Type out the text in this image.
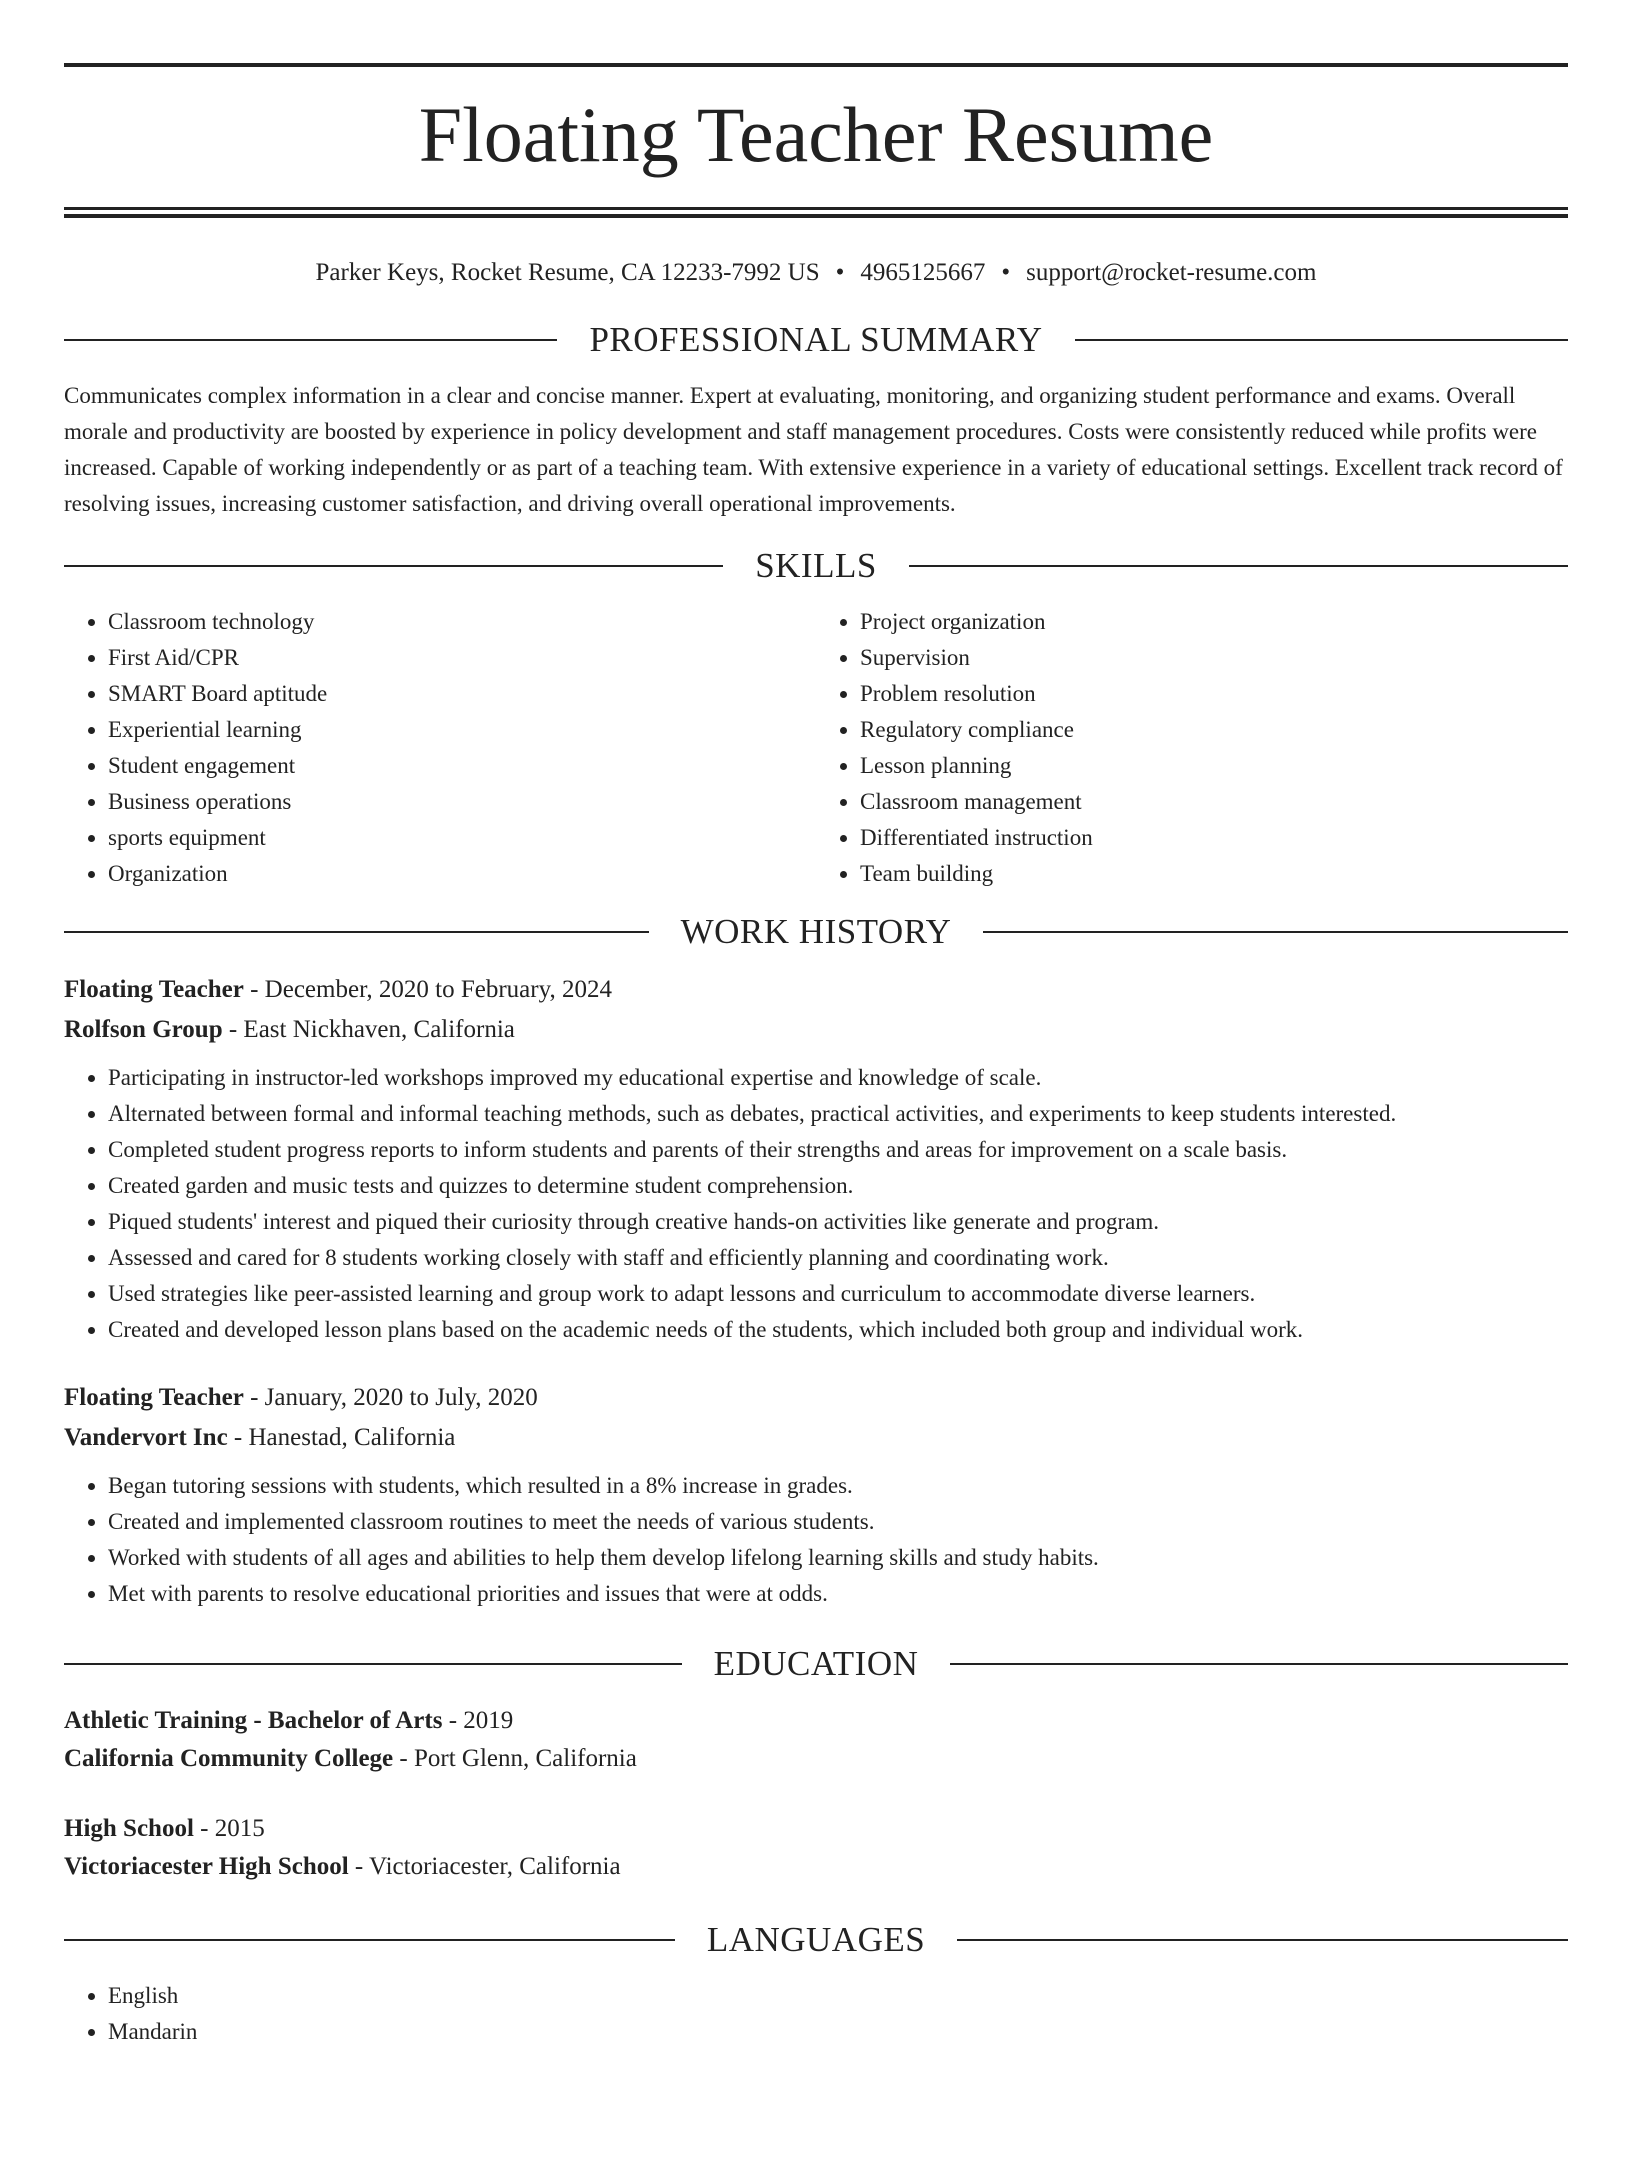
Floating Teacher Resume
Parker Keys, Rocket Resume, CA 12233-7992 US • 4965125667 • support@rocket-resume.com
PROFESSIONAL SUMMARY

Communicates complex information in a clear and concise manner. Expert at evaluating, monitoring, and organizing student performance and exams. Overall morale and productivity are boosted by experience in policy development and staff management procedures. Costs were consistently reduced while profits were increased. Capable of working independently or as part of a teaching team. With extensive experience in a variety of educational settings. Excellent track record of resolving issues, increasing customer satisfaction, and driving overall operational improvements.

SKILLS
• Classroom technology
• First Aid/CPR
• SMART Board aptitude
• Experiential learning
• Student engagement
• Business operations
• sports equipment
• Organization
• Project organization
• Supervision
• Problem resolution
• Regulatory compliance
• Lesson planning
• Classroom management
• Differentiated instruction
• Team building
WORK HISTORY
Floating Teacher - December, 2020 to February, 2024
Rolfson Group - East Nickhaven, California
• Participating in instructor-led workshops improved my educational expertise and knowledge of scale.
• Alternated between formal and informal teaching methods, such as debates, practical activities, and experiments to keep students interested.
• Completed student progress reports to inform students and parents of their strengths and areas for improvement on a scale basis.
• Created garden and music tests and quizzes to determine student comprehension.
• Piqued students' interest and piqued their curiosity through creative hands-on activities like generate and program.
• Assessed and cared for 8 students working closely with staff and efficiently planning and coordinating work.
• Used strategies like peer-assisted learning and group work to adapt lessons and curriculum to accommodate diverse learners.
• Created and developed lesson plans based on the academic needs of the students, which included both group and individual work.
Floating Teacher - January, 2020 to July, 2020
Vandervort Inc - Hanestad, California
• Began tutoring sessions with students, which resulted in a 8% increase in grades.
• Created and implemented classroom routines to meet the needs of various students.
• Worked with students of all ages and abilities to help them develop lifelong learning skills and study habits.
• Met with parents to resolve educational priorities and issues that were at odds.
EDUCATION
Athletic Training - Bachelor of Arts - 2019
California Community College - Port Glenn, California
High School - 2015
Victoriacester High School - Victoriacester, California
LANGUAGES
• English
• Mandarin
